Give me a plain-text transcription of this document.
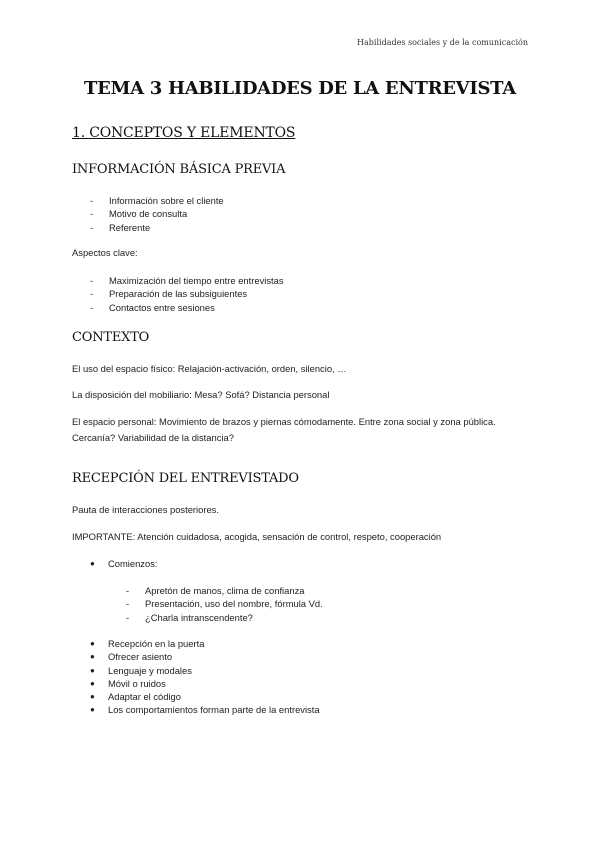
Habilidades sociales y de la comunicación
TEMA 3 HABILIDADES DE LA ENTREVISTA
1. CONCEPTOS Y ELEMENTOS
INFORMACIÓN BÁSICA PREVIA
- Información sobre el cliente
- Motivo de consulta
- Referente

Aspectos clave:

- Maximización del tiempo entre entrevistas
- Preparación de las subsiguientes
- Contactos entre sesiones
CONTEXTO

El uso del espacio físico: Relajación-activación, orden, silencio, …

La disposición del mobiliario: Mesa? Sofá? Distancia personal

El espacio personal: Movimiento de brazos y piernas cómodamente. Entre zona social y zona pública. Cercanía? Variabilidad de la distancia?

RECEPCIÓN DEL ENTREVISTADO

Pauta de interacciones posteriores.

IMPORTANTE: Atención cuidadosa, acogida, sensación de control, respeto, cooperación

● Comienzos:
- Apretón de manos, clima de confianza
- Presentación, uso del nombre, fórmula Vd.
- ¿Charla intranscendente?
● Recepción en la puerta
● Ofrecer asiento
● Lenguaje y modales
● Móvil o ruidos
● Adaptar el código
● Los comportamientos forman parte de la entrevista
